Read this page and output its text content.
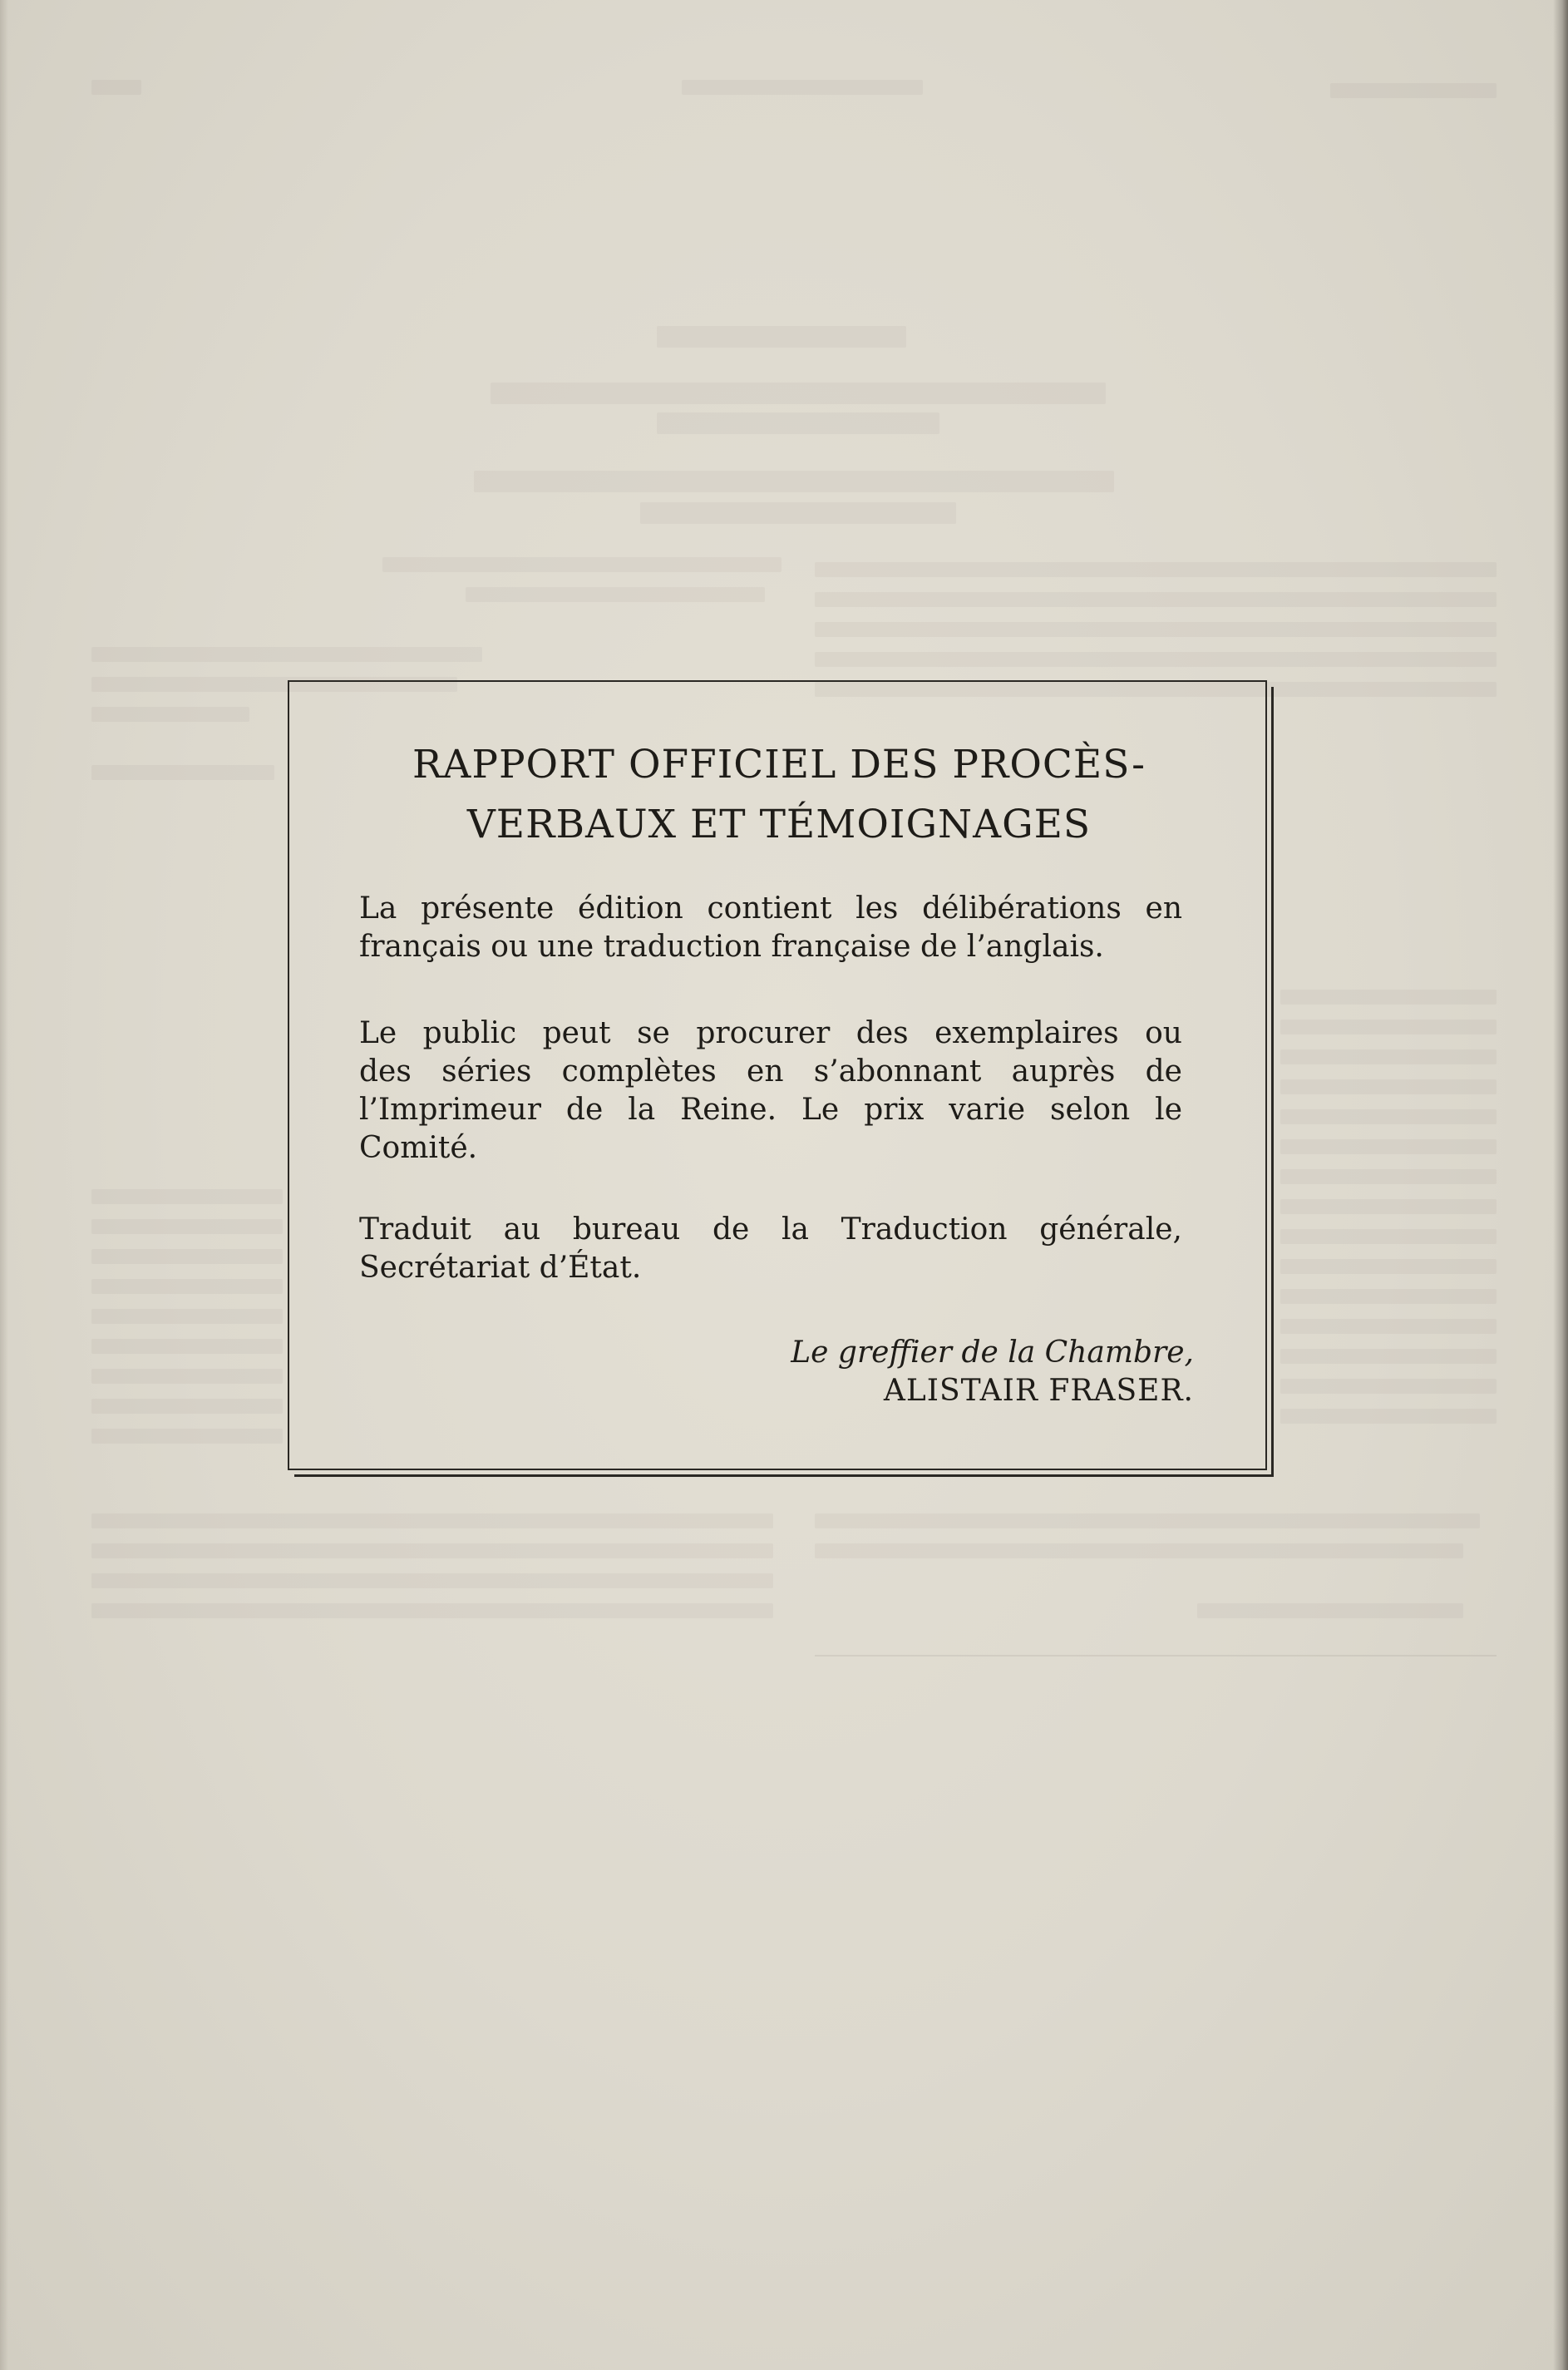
RAPPORT OFFICIEL DES PROCÈS-
VERBAUX ET TÉMOIGNAGES

La présente édition contient les délibérations en
français ou une traduction française de l’anglais.

Le public peut se procurer des exemplaires ou
des séries complètes en s’abonnant auprès de
l’Imprimeur de la Reine. Le prix varie selon le
Comité.

Traduit au bureau de la Traduction générale,
Secrétariat d’État.

Le greffier de la Chambre,
ALISTAIR FRASER.
